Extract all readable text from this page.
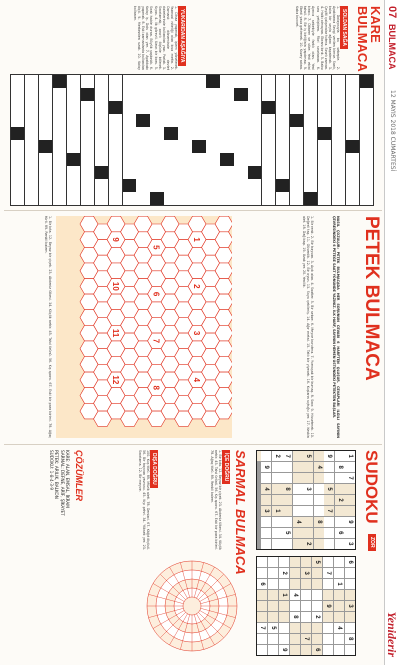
07
BULMACA
12 MAYIS 2018 CUMARTESİ
Yeniderir
KARE BULMACA
SOLDAN SAĞA
1- Dolayısıyla bu sebeple. 2- Ayaklarına Sevgi verilen kimse. Sarılı, kalın bir seyla ağzını kapatmak. 3- Çeşitli çalışmalar tutma. Sınırlı zaman. 4- Halkı olmayan. Ekranı kırık. 5- Baksı sıra yetiştiren. Fikri sınırlanan. 6- Ayrıca sebebiyle farklı olan. Yeni kiracı. 7- Dönem ve süre. Yedi ekini tahsil. 8- Bir iş birliğinin yapılması. 9- Ebedi yasa getirmek. 10- Kuzey adına. Kaba kuvvet.
YUKARIDAN AŞAĞIYA
1- Cihaz yapmak, işlem yönetmek. Yazınsal niteliği olan kısa metin. 2- Osmanlı döneminde devlet dairelerinde kullanılan yazı. Parlak. 3- Sınırlamak, sınırlı ölçüde bölmek. Kıyas. 4- İlk görevli. Uzun bir boru. 5- Sıralı halde duran. Büyük şaşkınlık. 6- Kolay iş. Dolu olan yer. 7- Ayakkabı yapmak. 8- Eski zamanlarda kullanılan ölçü. 9- Merkezden uzak. 10- Kolay kullanım.
PETEK BULMACA
NASIL ÇÖZÜLÜR: PETEK BULMACADA HER SORUNUN CEVABI 6 HARFTEN OLUŞUR. CEVAPLARI İLGİLİ SAYININ ÇEVRESİNDEKİ 6 PETEĞE SAAT YÖNÜNDE YAZINIZ. İLK HARF, SAYININ HEMEN ÜSTÜNDEKİ PETEKTEN BAŞLAR.
1- Bir renk. 2- Bir hayvan. 3- Açık alan. 4- Saatler. 5- Bir sebze. 6- Meyve kurutma. 7- Yumuşak bir kumaş. 8- Sınır. 9- Hissetmek. 10- Değerli taş. 11- Güvenlik. 12- Bir oyun. 13- Suyu çekilmiş. 14- Ağır metal. 15- Tatlı bir yiyecek. 16- Kuşların uçtuğu yer. 17- Keskin alet. 18- Dağ başı. 19- Uzak yer. 20- Yenilik.
1
2
3
4
5
6
7
8
9
10
11
12
1- Bir kıta. 12- Beyaz bir çiçek. 23- Akdeniz ülkesi. 34- Küçük nehir. 45- Tahıl ürünü. 56- Kış sporu. 67- Eski bir para birimi. 78- Ağaç türü. 89- Renkli kalem.
SUDOKU
ZOR
1
7
9
3
8
2
6
9
5
7
4
8
5
3
2
4
7
8
5
2
1
9
4
3
6
3
8
1
4
7
9
5
2
6
3
7
4
8
2
1
9
5
6
7
SARMAL BULMACA
İÇE DOĞRU
1- Bir kıta. 12- Beyaz bir çiçek. 23- Akdeniz ülkesi. 34- Küçük nehir. 45- Tahıl ürünü. 56- Kış sporu. 67- Eski bir para birimi. 78- Ağaç türü. 89- Renkli kalem.
DIŞA DOĞRU
100- Kuş türü. 89- Müzik aleti. 78- Denizci. 67- Kâğıt ölçüsü. 56- Bir hayvan yavrusu. 45- Kıyı şehri. 34- Yüksek yer. 23- Sınırlama. 12- Bir meyve.
ÇÖZÜMLER
KARE: ALAN, EMSAL, İKRAM
SARMAL: DEFNE, ARİF, ŞİKAYET
PETEK: ARILIK, BALKON
SUDOKU: 1-8-4-3-9
